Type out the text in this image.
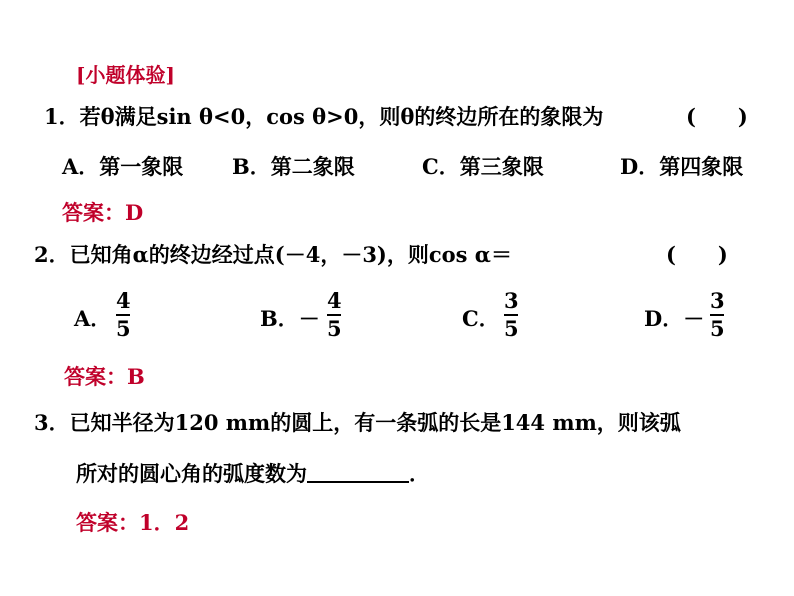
[小题体验]
1．若θ满足sin θ<0，cos θ>0，则θ的终边所在的象限为	(　　)
A．第一象限 B．第二象限	C．第三象限	D．第四象限
答案：D
2．已知角α的终边经过点(－4，－3)，则cos α＝	(　　)
A．
4
5	B．－
4
5	C．
3
5	D．－
3
5
答案：B
3．已知半径为120 mm的圆上，有一条弧的长是144 mm，则该弧
所对的圆心角的弧度数为	．
答案：1．2
